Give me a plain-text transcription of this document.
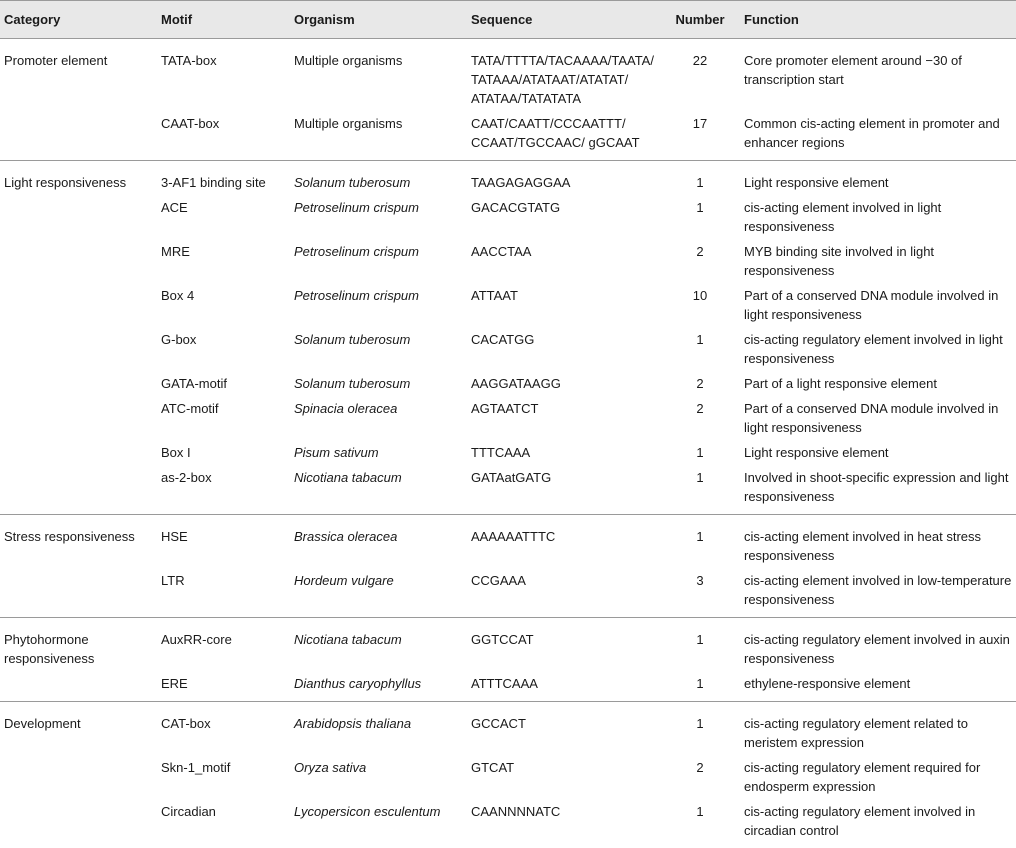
Category	Motif	Organism	Sequence	Number	Function
Promoter element	TATA-box	Multiple organisms	TATA/TTTTA/TACAAAA/TAATA/ TATAAA/ATATAAT/ATATAT/ ATATAA/TATATATA	22	Core promoter element around −30 of transcription start
	CAAT-box	Multiple organisms	CAAT/CAATT/CCCAATTT/ CCAAT/TGCCAAC/ gGCAAT	17	Common cis-acting element in promoter and enhancer regions
Light responsiveness	3-AF1 binding site	Solanum tuberosum	TAAGAGAGGAA	1	Light responsive element
	ACE	Petroselinum crispum	GACACGTATG	1	cis-acting element involved in light responsiveness
	MRE	Petroselinum crispum	AACCTAA	2	MYB binding site involved in light responsiveness
	Box 4	Petroselinum crispum	ATTAAT	10	Part of a conserved DNA module involved in light responsiveness
	G-box	Solanum tuberosum	CACATGG	1	cis-acting regulatory element involved in light responsiveness
	GATA-motif	Solanum tuberosum	AAGGATAAGG	2	Part of a light responsive element
	ATC-motif	Spinacia oleracea	AGTAATCT	2	Part of a conserved DNA module involved in light responsiveness
	Box I	Pisum sativum	TTTCAAA	1	Light responsive element
	as-2-box	Nicotiana tabacum	GATAatGATG	1	Involved in shoot-specific expression and light responsiveness
Stress responsiveness	HSE	Brassica oleracea	AAAAAATTTC	1	cis-acting element involved in heat stress responsiveness
	LTR	Hordeum vulgare	CCGAAA	3	cis-acting element involved in low-temperature responsiveness
Phytohormone responsiveness	AuxRR-core	Nicotiana tabacum	GGTCCAT	1	cis-acting regulatory element involved in auxin responsiveness
	ERE	Dianthus caryophyllus	ATTTCAAA	1	ethylene-responsive element
Development	CAT-box	Arabidopsis thaliana	GCCACT	1	cis-acting regulatory element related to meristem expression
	Skn-1_motif	Oryza sativa	GTCAT	2	cis-acting regulatory element required for endosperm expression
	Circadian	Lycopersicon esculentum	CAANNNNATC	1	cis-acting regulatory element involved in circadian control
